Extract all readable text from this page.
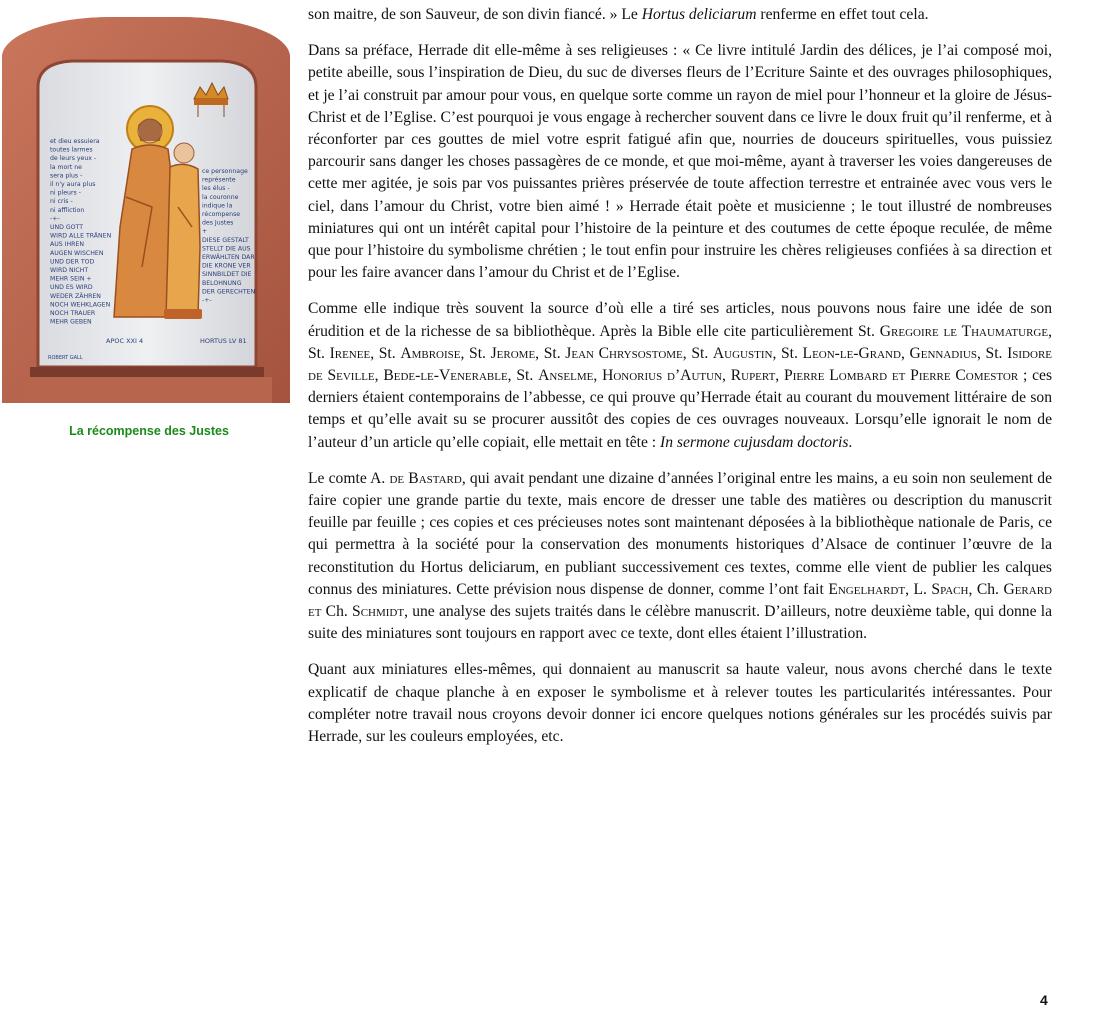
et dieu essuiera
toutes larmes
de leurs yeux -
la mort ne
sera plus -
il n'y aura plus
ni pleurs -
ni cris -
ni affliction
-+-
UND GOTT
WIRD ALLE TRÄNEN
AUS IHREN
AUGEN WISCHEN
UND DER TOD
WIRD NICHT
MEHR SEIN +
UND ES WIRD
WEDER ZÄHREN
NOCH WEHKLAGEN
NOCH TRAUER
MEHR GEBEN
ce personnage
représente
les élus -
la couronne
indique la
récompense
des Justes
+
DIESE GESTALT
STELLT DIE AUS
ERWÄHLTEN DAR
DIE KRONE VER
SINNBILDET DIE
BELOHNUNG
DER GERECHTEN
-+-
APOC XXI 4	HORTUS LV 81
ROBERT GALL
La récompense des Justes

son maitre, de son Sauveur, de son divin fiancé. » Le Hortus deliciarum renferme en effet tout cela.

Dans sa préface, Herrade dit elle-même à ses religieuses : « Ce livre intitulé Jardin des délices, je l’ai composé moi, petite abeille, sous l’inspiration de Dieu, du suc de diverses fleurs de l’Ecriture Sainte et des ouvrages philosophiques, et je l’ai construit par amour pour vous, en quelque sorte comme un rayon de miel pour l’honneur et la gloire de Jésus-Christ et de l’Eglise. C’est pourquoi je vous engage à rechercher souvent dans ce livre le doux fruit qu’il renferme, et à réconforter par ces gouttes de miel votre esprit fatigué afin que, nourries de douceurs spirituelles, vous puissiez parcourir sans danger les choses passagères de ce monde, et que moi-même, ayant à traverser les voies dangereuses de cette mer agitée, je sois par vos puissantes prières préservée de toute affection terrestre et entrainée avec vous vers le ciel, dans l’amour du Christ, votre bien aimé ! » Herrade était poète et musicienne ; le tout illustré de nombreuses miniatures qui ont un intérêt capital pour l’histoire de la peinture et des coutumes de cette époque reculée, de même que pour l’histoire du symbolisme chrétien ; le tout enfin pour instruire les chères religieuses confiées à sa direction et pour les faire avancer dans l’amour du Christ et de l’Eglise.

Comme elle indique très souvent la source d’où elle a tiré ses articles, nous pouvons nous faire une idée de son érudition et de la richesse de sa bibliothèque. Après la Bible elle cite particulièrement St. Gregoire le Thaumaturge, St. Irenee, St. Ambroise, St. Jerome, St. Jean Chrysostome, St. Augustin, St. Leon-le-Grand, Gennadius, St. Isidore de Seville, Bede-le-Venerable, St. Anselme, Honorius d’Autun, Rupert, Pierre Lombard et Pierre Comestor ; ces derniers étaient contemporains de l’abbesse, ce qui prouve qu’Herrade était au courant du mouvement littéraire de son temps et qu’elle avait su se procurer aussitôt des copies de ces ouvrages nouveaux. Lorsqu’elle ignorait le nom de l’auteur d’un article qu’elle copiait, elle mettait en tête : In sermone cujusdam doctoris.

Le comte A. de Bastard, qui avait pendant une dizaine d’années l’original entre les mains, a eu soin non seulement de faire copier une grande partie du texte, mais encore de dresser une table des matières ou description du manuscrit feuille par feuille ; ces copies et ces précieuses notes sont maintenant déposées à la bibliothèque nationale de Paris, ce qui permettra à la société pour la conservation des monuments historiques d’Alsace de continuer l’œuvre de la reconstitution du Hortus deliciarum, en publiant successivement ces textes, comme elle vient de publier les calques connus des miniatures. Cette prévision nous dispense de donner, comme l’ont fait Engelhardt, L. Spach, Ch. Gerard et Ch. Schmidt, une analyse des sujets traités dans le célèbre manuscrit. D’ailleurs, notre deuxième table, qui donne la suite des miniatures sont toujours en rapport avec ce texte, dont elles étaient l’illustration.

Quant aux miniatures elles-mêmes, qui donnaient au manuscrit sa haute valeur, nous avons cherché dans le texte explicatif de chaque planche à en exposer le symbolisme et à relever toutes les particularités intéressantes. Pour compléter notre travail nous croyons devoir donner ici encore quelques notions générales sur les procédés suivis par Herrade, sur les couleurs employées, etc.

4
